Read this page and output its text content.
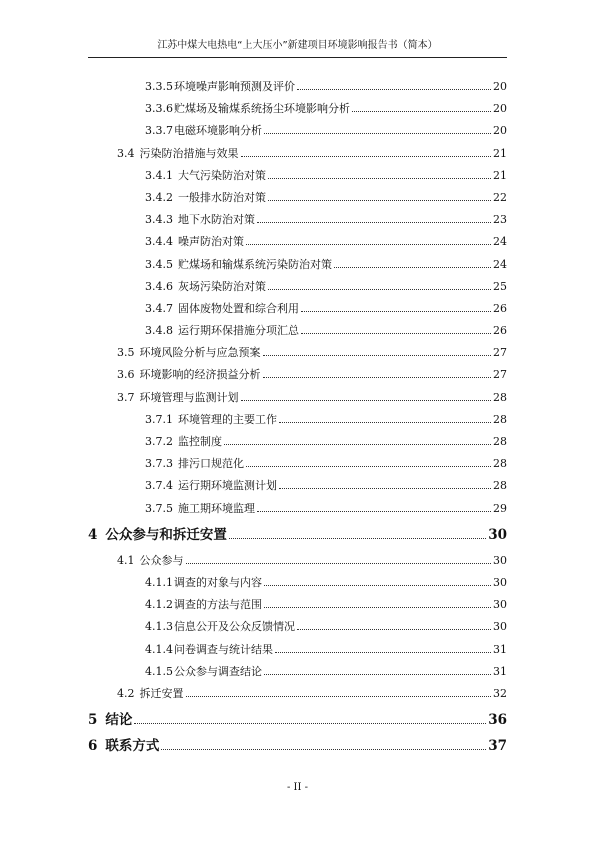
江苏中煤大电热电“上大压小”新建项目环境影响报告书（简本）
3.3.5 环境噪声影响预测及评价	20
3.3.6 贮煤场及输煤系统扬尘环境影响分析	20
3.3.7 电磁环境影响分析	20
3.4 污染防治措施与效果	21
3.4.1 大气污染防治对策	21
3.4.2 一般排水防治对策	22
3.4.3 地下水防治对策	23
3.4.4 噪声防治对策	24
3.4.5 贮煤场和输煤系统污染防治对策	24
3.4.6 灰场污染防治对策	25
3.4.7 固体废物处置和综合利用	26
3.4.8 运行期环保措施分项汇总	26
3.5 环境风险分析与应急预案	27
3.6 环境影响的经济损益分析	27
3.7 环境管理与监测计划	28
3.7.1 环境管理的主要工作	28
3.7.2 监控制度	28
3.7.3 排污口规范化	28
3.7.4 运行期环境监测计划	28
3.7.5 施工期环境监理	29
4 公众参与和拆迁安置	30
4.1 公众参与	30
4.1.1 调查的对象与内容	30
4.1.2 调查的方法与范围	30
4.1.3 信息公开及公众反馈情况	30
4.1.4 问卷调查与统计结果	31
4.1.5 公众参与调查结论	31
4.2 拆迁安置	32
5 结论	36
6 联系方式	37
- II -
